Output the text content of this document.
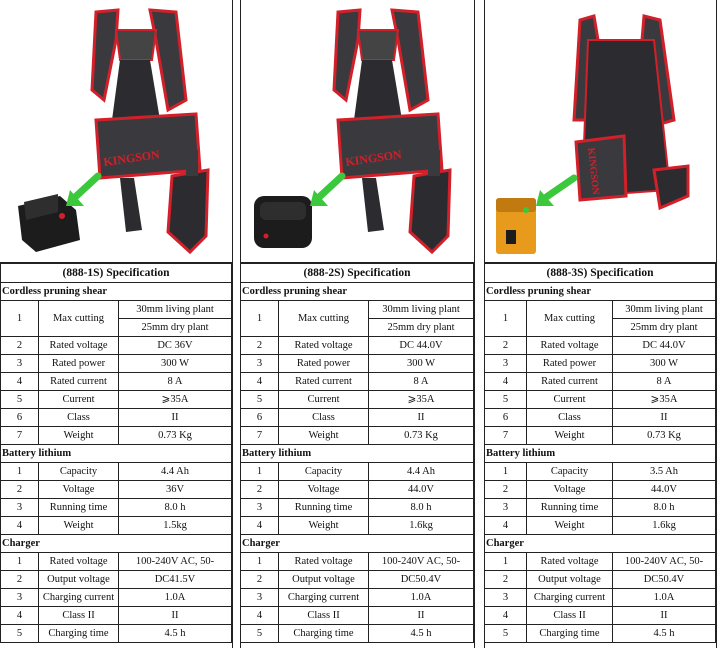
KINGSON
(888-1S) Specification		
Cordless pruning shear		
1	Max cutting	30mm living plant
		25mm dry plant
2	Rated voltage	DC 36V
3	Rated power	300 W
4	Rated current	8 A
5	Current	⩾35A
6	Class	II
7	Weight	0.73 Kg
Battery lithium		
1	Capacity	4.4 Ah
2	Voltage	36V
3	Running time	8.0 h
4	Weight	1.5kg
Charger		
1	Rated voltage	100-240V AC, 50-
2	Output voltage	DC41.5V
3	Charging current	1.0A
4	Class II	II
5	Charging time	4.5 h
KINGSON
(888-2S) Specification		
Cordless pruning shear		
1	Max cutting	30mm living plant
		25mm dry plant
2	Rated voltage	DC 44.0V
3	Rated power	300 W
4	Rated current	8 A
5	Current	⩾35A
6	Class	II
7	Weight	0.73 Kg
Battery lithium		
1	Capacity	4.4 Ah
2	Voltage	44.0V
3	Running time	8.0 h
4	Weight	1.6kg
Charger		
1	Rated voltage	100-240V AC, 50-
2	Output voltage	DC50.4V
3	Charging current	1.0A
4	Class II	II
5	Charging time	4.5 h
KINGSON
(888-3S) Specification		
Cordless pruning shear		
1	Max cutting	30mm living plant
		25mm dry plant
2	Rated voltage	DC 44.0V
3	Rated power	300 W
4	Rated current	8 A
5	Current	⩾35A
6	Class	II
7	Weight	0.73 Kg
Battery lithium		
1	Capacity	3.5 Ah
2	Voltage	44.0V
3	Running time	8.0 h
4	Weight	1.6kg
Charger		
1	Rated voltage	100-240V AC, 50-
2	Output voltage	DC50.4V
3	Charging current	1.0A
4	Class II	II
5	Charging time	4.5 h
